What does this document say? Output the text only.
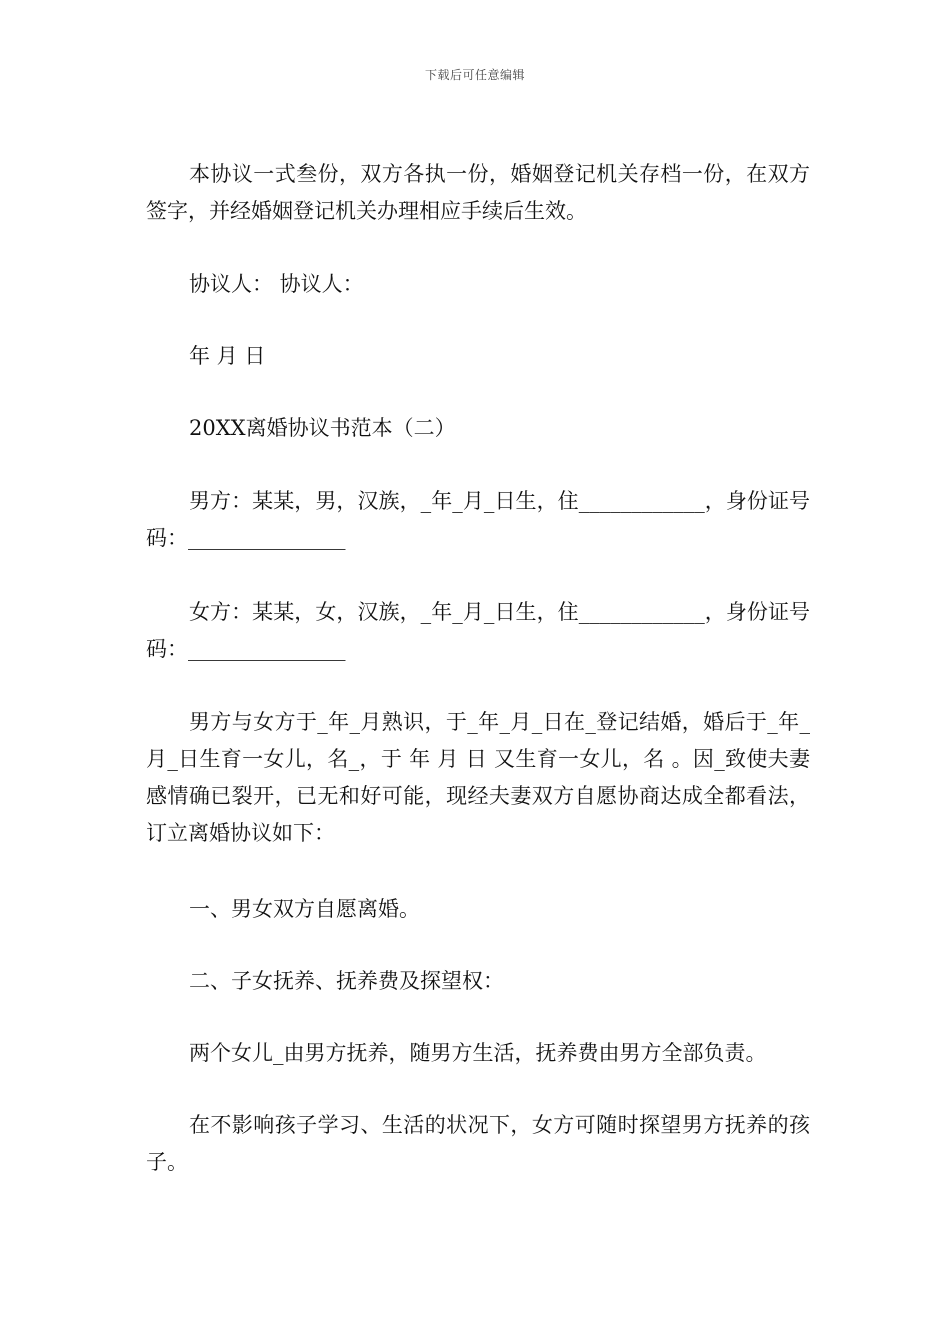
下载后可任意编辑
本协议一式叁份，双方各执一份，婚姻登记机关存档一份，在双方签字，并经婚姻登记机关办理相应手续后生效。
协议人： 协议人：
年 月 日
20XX离婚协议书范本（二）
男方：某某，男，汉族，_年_月_日生，住____________，身份证号码：_______________
女方：某某，女，汉族，_年_月_日生，住____________，身份证号码：_______________
男方与女方于_年_月熟识，于_年_月_日在_登记结婚，婚后于_年_月_日生育一女儿，名_，于 年 月 日 又生育一女儿，名 。因_致使夫妻感情确已裂开，已无和好可能，现经夫妻双方自愿协商达成全都看法，订立离婚协议如下：
一、男女双方自愿离婚。
二、子女抚养、抚养费及探望权：
两个女儿_由男方抚养，随男方生活，抚养费由男方全部负责。
在不影响孩子学习、生活的状况下，女方可随时探望男方抚养的孩子。
